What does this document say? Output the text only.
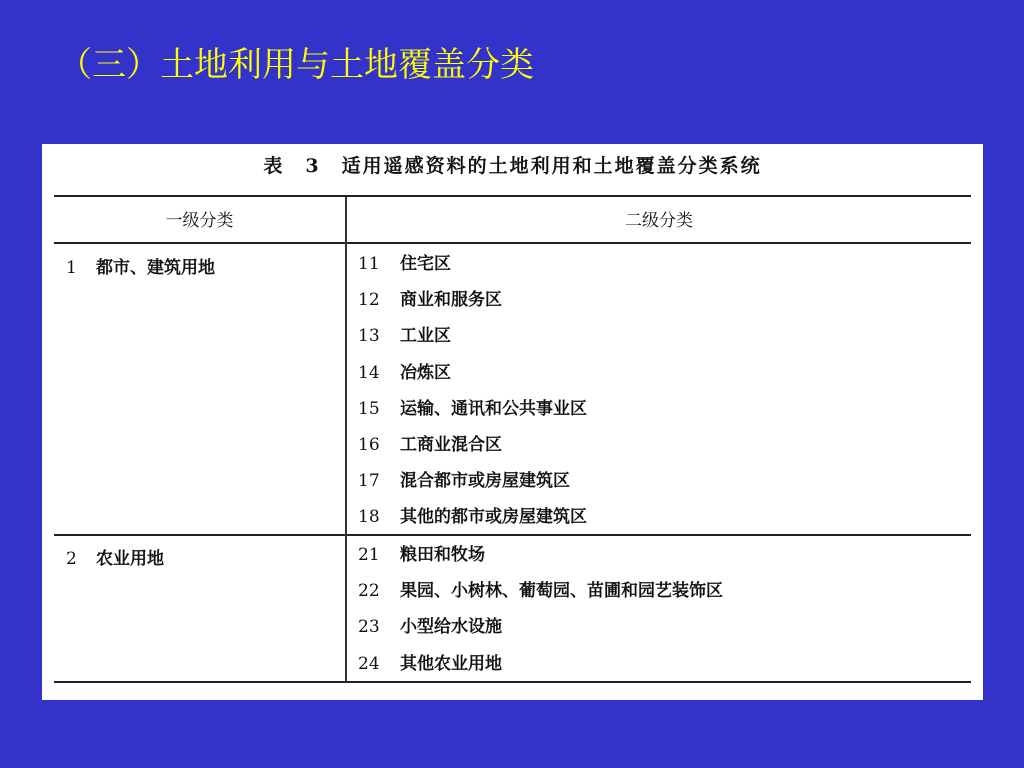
（三）土地利用与土地覆盖分类
表　3　适用遥感资料的土地利用和土地覆盖分类系统
一级分类	二级分类
1 都市、建筑用地	11 住宅区
12 商业和服务区
13 工业区
14 冶炼区
15 运输、通讯和公共事业区
16 工商业混合区
17 混合都市或房屋建筑区
18 其他的都市或房屋建筑区
2 农业用地	21 粮田和牧场
22 果园、小树林、葡萄园、苗圃和园艺装饰区
23 小型给水设施
24 其他农业用地
